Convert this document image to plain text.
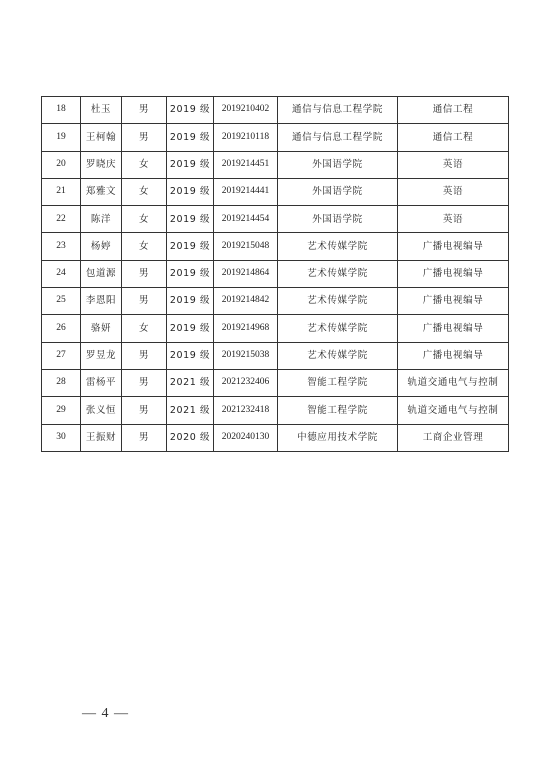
18	杜玉	男	2019 级	2019210402	通信与信息工程学院	通信工程
19	王柯翰	男	2019 级	2019210118	通信与信息工程学院	通信工程
20	罗晓庆	女	2019 级	2019214451	外国语学院	英语
21	郑雅文	女	2019 级	2019214441	外国语学院	英语
22	陈洋	女	2019 级	2019214454	外国语学院	英语
23	杨婷	女	2019 级	2019215048	艺术传媒学院	广播电视编导
24	包道源	男	2019 级	2019214864	艺术传媒学院	广播电视编导
25	李恩阳	男	2019 级	2019214842	艺术传媒学院	广播电视编导
26	骆妍	女	2019 级	2019214968	艺术传媒学院	广播电视编导
27	罗昱龙	男	2019 级	2019215038	艺术传媒学院	广播电视编导
28	雷杨平	男	2021 级	2021232406	智能工程学院	轨道交通电气与控制
29	张义恒	男	2021 级	2021232418	智能工程学院	轨道交通电气与控制
30	王振财	男	2020 级	2020240130	中德应用技术学院	工商企业管理
— 4 —
